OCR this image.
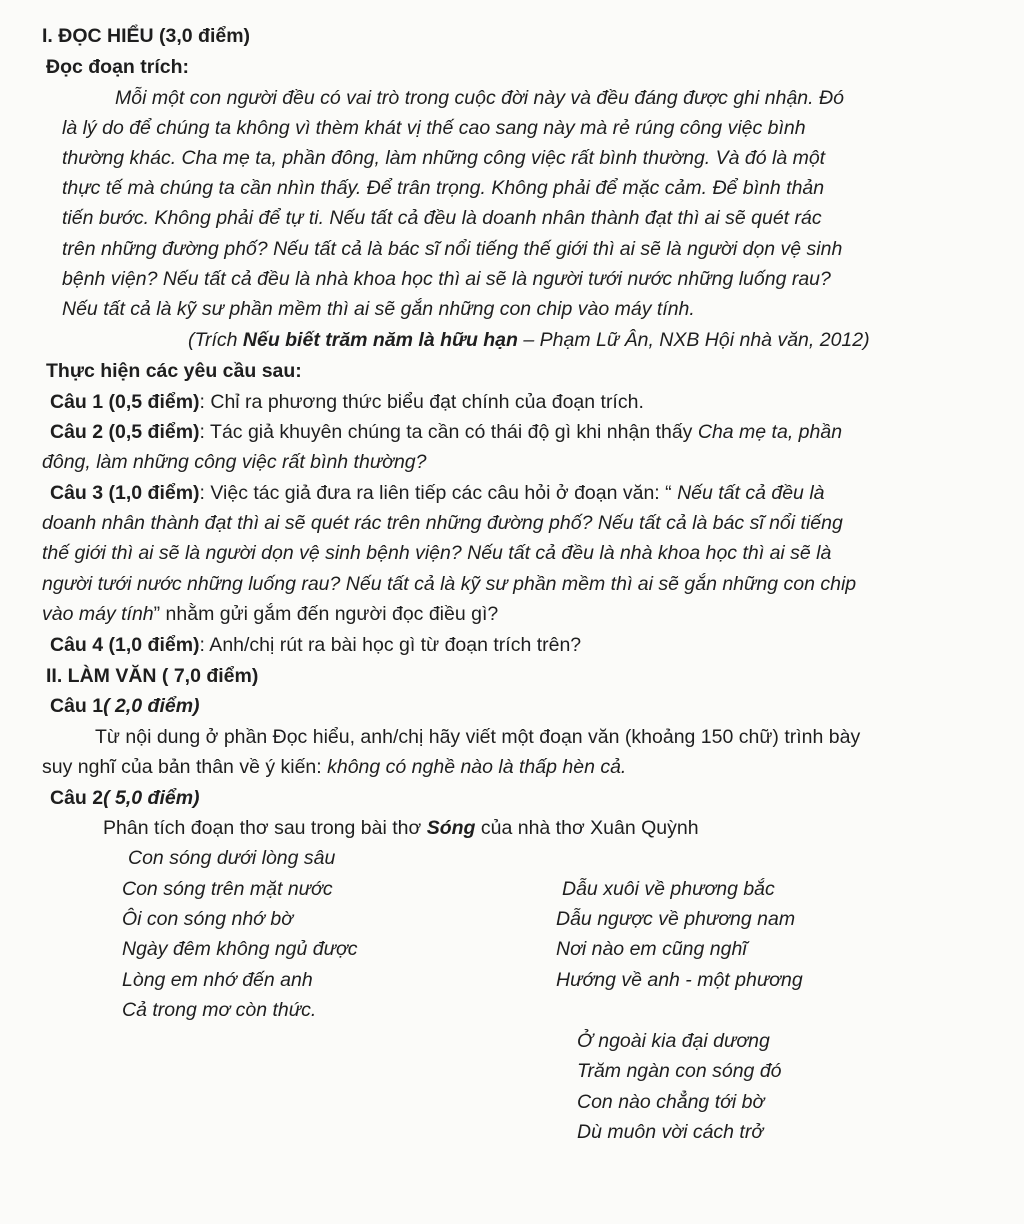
I. ĐỌC HIỂU (3,0 điểm)
Đọc đoạn trích:
Mỗi một con người đều có vai trò trong cuộc đời này và đều đáng được ghi nhận. Đó
là lý do để chúng ta không vì thèm khát vị thế cao sang này mà rẻ rúng công việc bình
thường khác. Cha mẹ ta, phần đông, làm những công việc rất bình thường. Và đó là một
thực tế mà chúng ta cần nhìn thấy. Để trân trọng. Không phải để mặc cảm. Để bình thản
tiến bước. Không phải để tự ti. Nếu tất cả đều là doanh nhân thành đạt thì ai sẽ quét rác
trên những đường phố? Nếu tất cả là bác sĩ nổi tiếng thế giới thì ai sẽ là người dọn vệ sinh
bệnh viện? Nếu tất cả đều là nhà khoa học thì ai sẽ là người tưới nước những luống rau?
Nếu tất cả là kỹ sư phần mềm thì ai sẽ gắn những con chip vào máy tính.
(Trích Nếu biết trăm năm là hữu hạn – Phạm Lữ Ân, NXB Hội nhà văn, 2012)
Thực hiện các yêu cầu sau:
Câu 1 (0,5 điểm): Chỉ ra phương thức biểu đạt chính của đoạn trích.
Câu 2 (0,5 điểm): Tác giả khuyên chúng ta cần có thái độ gì khi nhận thấy Cha mẹ ta, phần
đông, làm những công việc rất bình thường?
Câu 3 (1,0 điểm): Việc tác giả đưa ra liên tiếp các câu hỏi ở đoạn văn: “ Nếu tất cả đều là
doanh nhân thành đạt thì ai sẽ quét rác trên những đường phố? Nếu tất cả là bác sĩ nổi tiếng
thế giới thì ai sẽ là người dọn vệ sinh bệnh viện? Nếu tất cả đều là nhà khoa học thì ai sẽ là
người tưới nước những luống rau? Nếu tất cả là kỹ sư phần mềm thì ai sẽ gắn những con chip
vào máy tính” nhằm gửi gắm đến người đọc điều gì?
Câu 4 (1,0 điểm): Anh/chị rút ra bài học gì từ đoạn trích trên?
II. LÀM VĂN ( 7,0 điểm)
Câu 1( 2,0 điểm)
Từ nội dung ở phần Đọc hiểu, anh/chị hãy viết một đoạn văn (khoảng 150 chữ) trình bày
suy nghĩ của bản thân về ý kiến: không có nghề nào là thấp hèn cả.
Câu 2( 5,0 điểm)
Phân tích đoạn thơ sau trong bài thơ Sóng của nhà thơ Xuân Quỳnh
Con sóng dưới lòng sâu
Con sóng trên mặt nước
Ôi con sóng nhớ bờ
Ngày đêm không ngủ được
Lòng em nhớ đến anh
Cả trong mơ còn thức.
Dẫu xuôi về phương bắc
Dẫu ngược về phương nam
Nơi nào em cũng nghĩ
Hướng về anh - một phương
Ở ngoài kia đại dương
Trăm ngàn con sóng đó
Con nào chẳng tới bờ
Dù muôn vời cách trở
